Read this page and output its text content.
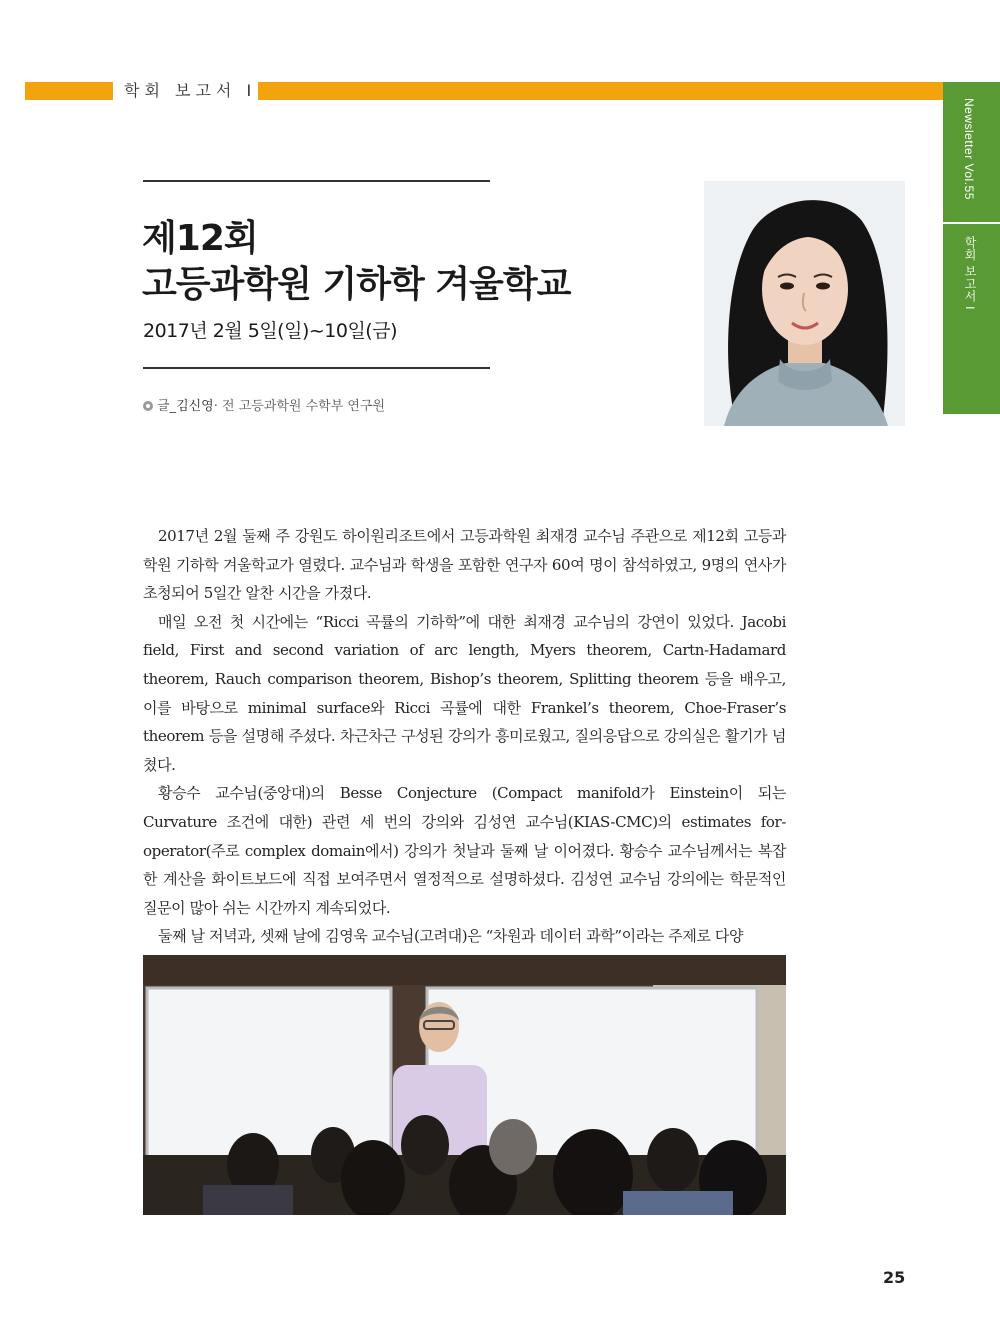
학회 보고서 I
Newsletter Vol.55
학회 보고서 I
제12회
고등과학원 기하학 겨울학교
2017년 2월 5일(일)~10일(금)
글_김신영· 전 고등과학원 수학부 연구원

2017년 2월 둘째 주 강원도 하이원리조트에서 고등과학원 최재경 교수님 주관으로 제12회 고등과학원 기하학 겨울학교가 열렸다. 교수님과 학생을 포함한 연구자 60여 명이 참석하였고, 9명의 연사가 초청되어 5일간 알찬 시간을 가졌다.

매일 오전 첫 시간에는 “Ricci 곡률의 기하학”에 대한 최재경 교수님의 강연이 있었다. Jacobi field, First and second variation of arc length, Myers theorem, Cartn-Hadamard theorem, Rauch comparison theorem, Bishop’s theorem, Splitting theorem 등을 배우고, 이를 바탕으로 minimal surface와 Ricci 곡률에 대한 Frankel’s theorem, Choe-Fraser’s theorem 등을 설명해 주셨다. 차근차근 구성된 강의가 흥미로웠고, 질의응답으로 강의실은 활기가 넘쳤다.

황승수 교수님(중앙대)의 Besse Conjecture (Compact manifold가 Einstein이 되는 Curvature 조건에 대한) 관련 세 번의 강의와 김성연 교수님(KIAS-CMC)의 estimates for-operator(주로 complex domain에서) 강의가 첫날과 둘째 날 이어졌다. 황승수 교수님께서는 복잡한 계산을 화이트보드에 직접 보여주면서 열정적으로 설명하셨다. 김성연 교수님 강의에는 학문적인 질문이 많아 쉬는 시간까지 계속되었다.

둘째 날 저녁과, 셋째 날에 김영욱 교수님(고려대)은 “차원과 데이터 과학”이라는 주제로 다양

25
